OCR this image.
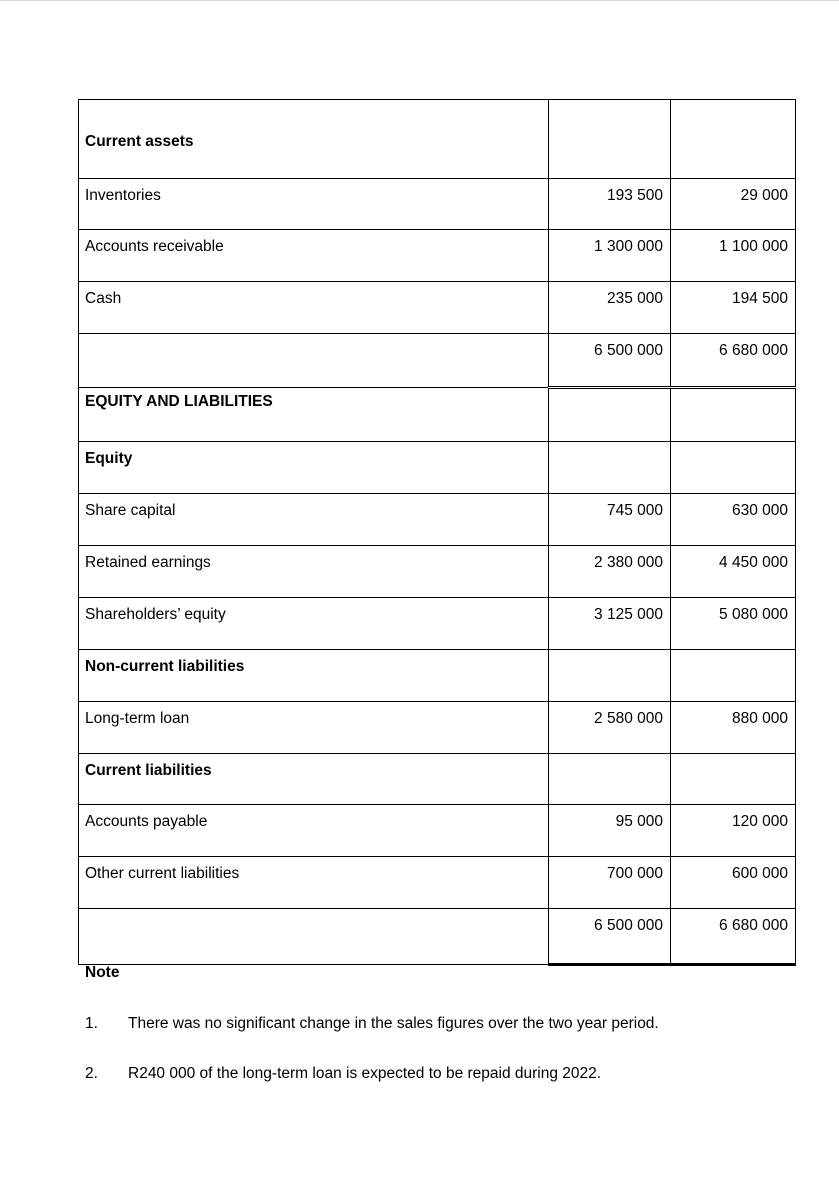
Current assets		
Inventories	193 500	29 000
Accounts receivable	1 300 000	1 100 000
Cash	235 000	194 500
	6 500 000	6 680 000
EQUITY AND LIABILITIES		
Equity		
Share capital	745 000	630 000
Retained earnings	2 380 000	4 450 000
Shareholders’ equity	3 125 000	5 080 000
Non-current liabilities		
Long-term loan	2 580 000	880 000
Current liabilities		
Accounts payable	95 000	120 000
Other current liabilities	700 000	600 000
	6 500 000	6 680 000
Note
1. There was no significant change in the sales figures over the two year period.
2. R240 000 of the long-term loan is expected to be repaid during 2022.
